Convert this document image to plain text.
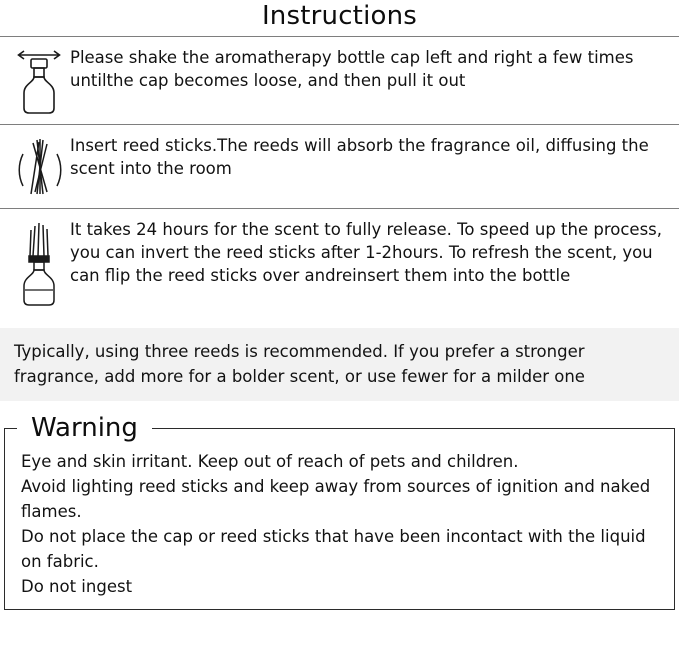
Instructions

Please shake the aromatherapy bottle cap left and right a few times untilthe cap becomes loose, and then pull it out

Insert reed sticks.The reeds will absorb the fragrance oil, diffusing the scent into the room

It takes 24 hours for the scent to fully release. To speed up the process, you can invert the reed sticks after 1-2hours. To refresh the scent, you can flip the reed sticks over andreinsert them into the bottle

Typically, using three reeds is recommended. If you prefer a stronger fragrance, add more for a bolder scent, or use fewer for a milder one
Warning
Eye and skin irritant. Keep out of reach of pets and children.
Avoid lighting reed sticks and keep away from sources of ignition and naked flames.
Do not place the cap or reed sticks that have been incontact with the liquid on fabric.
Do not ingest
